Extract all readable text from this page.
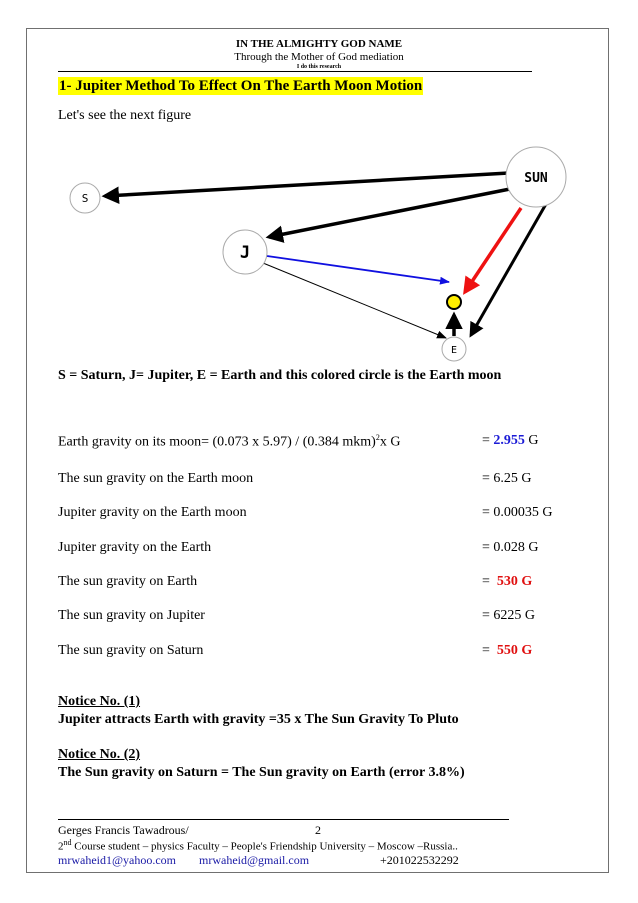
IN THE ALMIGHTY GOD NAME
Through the Mother of God mediation
I do this research
1- Jupiter Method To Effect On The Earth Moon Motion
Let's see the next figure
S
J
SUN
E
S = Saturn, J= Jupiter, E = Earth and this colored circle is the Earth moon
Earth gravity on its moon= (0.073 x 5.97) / (0.384 mkm)$^2$x G	= 2.955 G
The sun gravity on the Earth moon	= 6.25 G
Jupiter gravity on the Earth moon	= 0.00035 G
Jupiter gravity on the Earth	= 0.028 G
The sun gravity on Earth	=  530 G
The sun gravity on Jupiter	= 6225 G
The sun gravity on Saturn	=  550 G
Notice No. (1)
Jupiter attracts Earth with gravity =35 x The Sun Gravity To Pluto
Notice No. (2)
The Sun gravity on Saturn = The Sun gravity on Earth (error 3.8%)
Gerges Francis Tawadrous/	2
2nd Course student – physics Faculty – People's Friendship University – Moscow –Russia..
mrwaheid1@yahoo.com mrwaheid@gmail.com	+201022532292
